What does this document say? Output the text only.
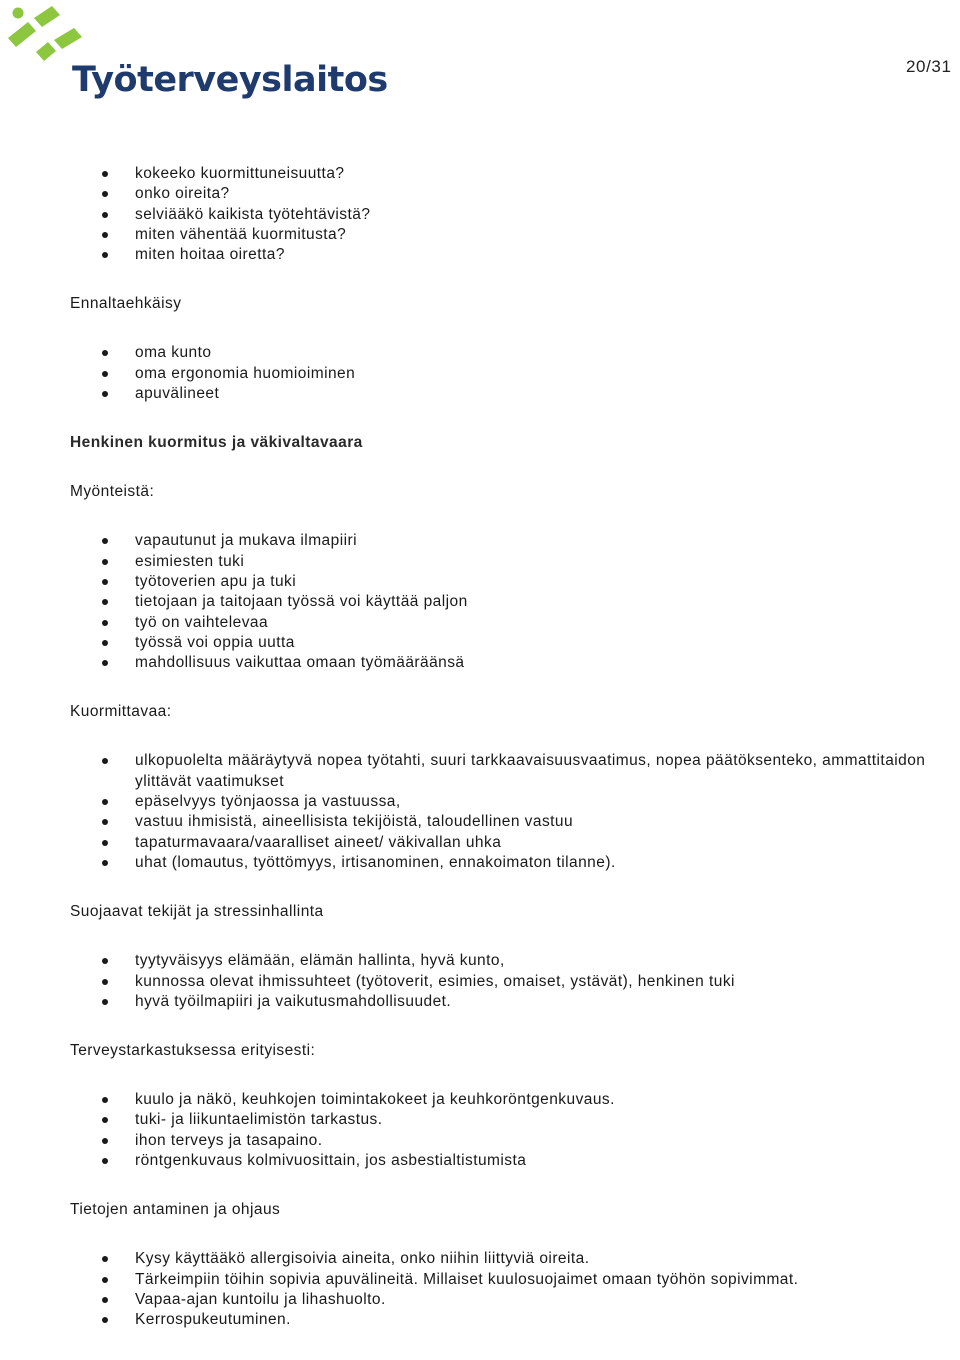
Työterveyslaitos	20/31
kokeeko kuormittuneisuutta?
onko oireita?
selviääkö kaikista työtehtävistä?
miten vähentää kuormitusta?
miten hoitaa oiretta?
Ennaltaehkäisy
oma kunto
oma ergonomia huomioiminen
apuvälineet
Henkinen kuormitus ja väkivaltavaara
Myönteistä:
vapautunut ja mukava ilmapiiri
esimiesten tuki
työtoverien apu ja tuki
tietojaan ja taitojaan työssä voi käyttää paljon
työ on vaihtelevaa
työssä voi oppia uutta
mahdollisuus vaikuttaa omaan työmääräänsä
Kuormittavaa:
ulkopuolelta määräytyvä nopea työtahti, suuri tarkkaavaisuusvaatimus, nopea päätöksenteko, ammattitaidon ylittävät vaatimukset
epäselvyys työnjaossa ja vastuussa,
vastuu ihmisistä, aineellisista tekijöistä, taloudellinen vastuu
tapaturmavaara/vaaralliset aineet/ väkivallan uhka
uhat (lomautus, työttömyys, irtisanominen, ennakoimaton tilanne).
Suojaavat tekijät ja stressinhallinta
tyytyväisyys elämään, elämän hallinta, hyvä kunto,
kunnossa olevat ihmissuhteet (työtoverit, esimies, omaiset, ystävät), henkinen tuki
hyvä työilmapiiri ja vaikutusmahdollisuudet.
Terveystarkastuksessa erityisesti:
kuulo ja näkö, keuhkojen toimintakokeet ja keuhkoröntgenkuvaus.
tuki- ja liikuntaelimistön tarkastus.
ihon terveys ja tasapaino.
röntgenkuvaus kolmivuosittain, jos asbestialtistumista
Tietojen antaminen ja ohjaus
Kysy käyttääkö allergisoivia aineita, onko niihin liittyviä oireita.
Tärkeimpiin töihin sopivia apuvälineitä. Millaiset kuulosuojaimet omaan työhön sopivimmat.
Vapaa-ajan kuntoilu ja lihashuolto.
Kerrospukeutuminen.
